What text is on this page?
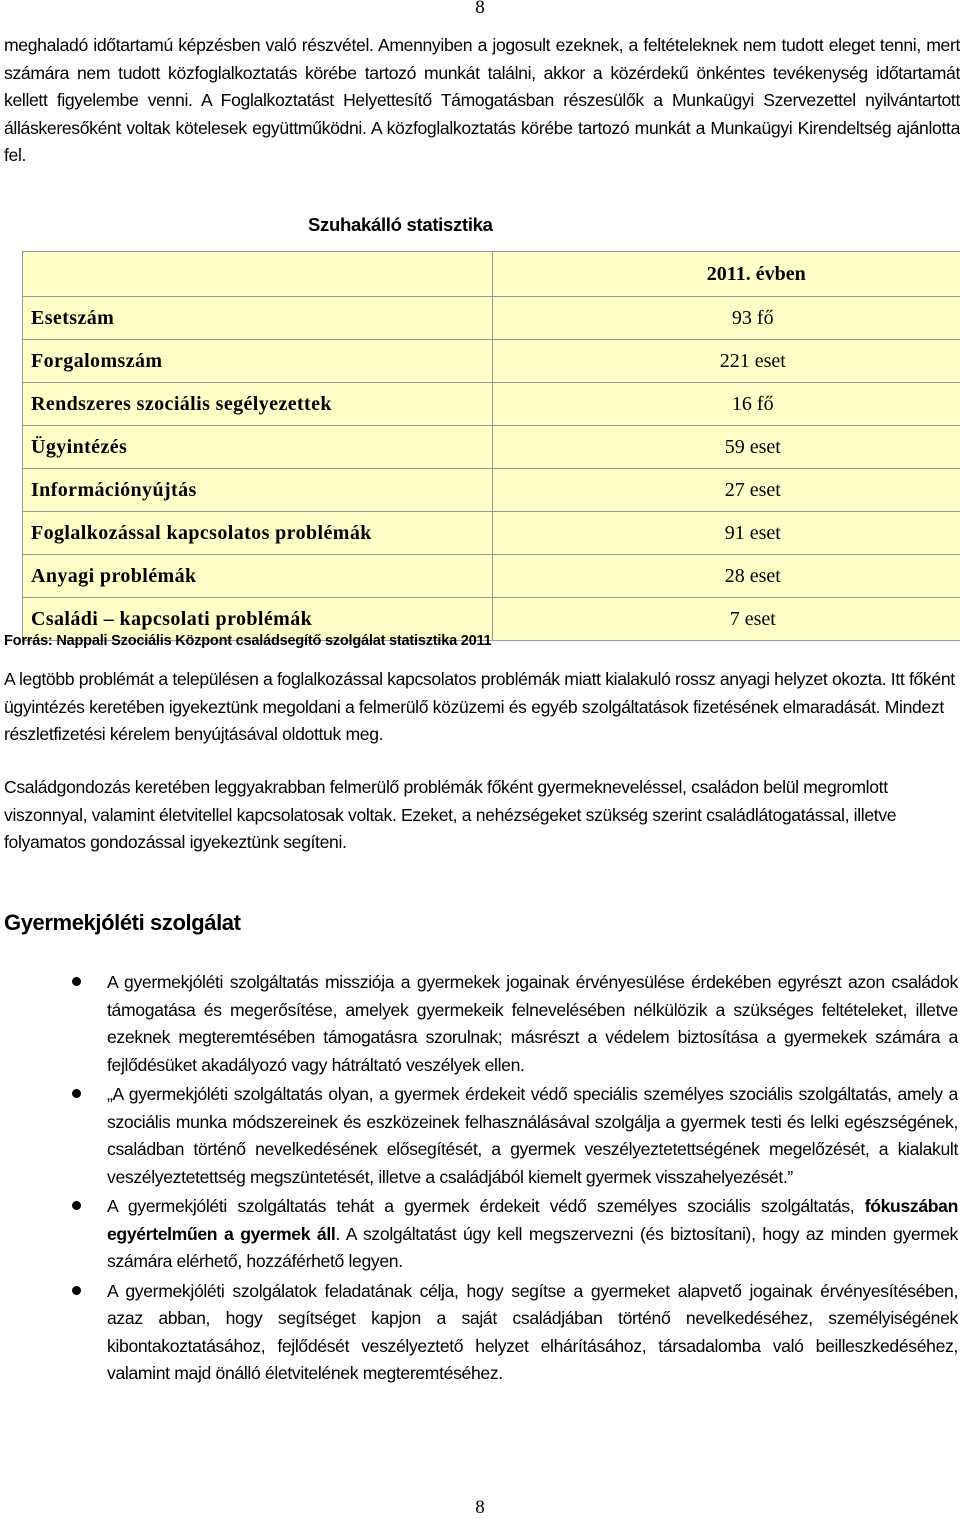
8

meghaladó időtartamú képzésben való részvétel. Amennyiben a jogosult ezeknek, a feltételeknek nem tudott eleget tenni, mert számára nem tudott közfoglalkoztatás körébe tartozó munkát találni, akkor a közérdekű önkéntes tevékenység időtartamát kellett figyelembe venni. A Foglalkoztatást Helyettesítő Támogatásban részesülők a Munkaügyi Szervezettel nyilvántartott álláskeresőként voltak kötelesek együttműködni. A közfoglalkoztatás körébe tartozó munkát a Munkaügyi Kirendeltség ajánlotta fel.

Szuhakálló statisztika
	2011. évben
Esetszám	93 fő
Forgalomszám	221 eset
Rendszeres szociális segélyezettek	16 fő
Ügyintézés	59 eset
Információnyújtás	27 eset
Foglalkozással kapcsolatos problémák	91 eset
Anyagi problémák	28 eset
Családi – kapcsolati problémák	7 eset
Forrás: Nappali Szociális Központ családsegítő szolgálat statisztika 2011

A legtöbb problémát a településen a foglalkozással kapcsolatos problémák miatt kialakuló rossz anyagi helyzet okozta. Itt főként ügyintézés keretében igyekeztünk megoldani a felmerülő közüzemi és egyéb szolgáltatások fizetésének elmaradását. Mindezt részletfizetési kérelem benyújtásával oldottuk meg.

Családgondozás keretében leggyakrabban felmerülő problémák főként gyermekneveléssel, családon belül megromlott viszonnyal, valamint életvitellel kapcsolatosak voltak. Ezeket, a nehézségeket szükség szerint családlátogatással, illetve folyamatos gondozással igyekeztünk segíteni.

Gyermekjóléti szolgálat
A gyermekjóléti szolgáltatás missziója a gyermekek jogainak érvényesülése érdekében egyrészt azon családok támogatása és megerősítése, amelyek gyermekeik felnevelésében nélkülözik a szükséges feltételeket, illetve ezeknek megteremtésében támogatásra szorulnak; másrészt a védelem biztosítása a gyermekek számára a fejlődésüket akadályozó vagy hátráltató veszélyek ellen.
„A gyermekjóléti szolgáltatás olyan, a gyermek érdekeit védő speciális személyes szociális szolgáltatás, amely a szociális munka módszereinek és eszközeinek felhasználásával szolgálja a gyermek testi és lelki egészségének, családban történő nevelkedésének elősegítését, a gyermek veszélyeztetettségének megelőzését, a kialakult veszélyeztetettség megszüntetését, illetve a családjából kiemelt gyermek visszahelyezését.”
A gyermekjóléti szolgáltatás tehát a gyermek érdekeit védő személyes szociális szolgáltatás, fókuszában egyértelműen a gyermek áll. A szolgáltatást úgy kell megszervezni (és biztosítani), hogy az minden gyermek számára elérhető, hozzáférhető legyen.
A gyermekjóléti szolgálatok feladatának célja, hogy segítse a gyermeket alapvető jogainak érvényesítésében, azaz abban, hogy segítséget kapjon a saját családjában történő nevelkedéséhez, személyiségének kibontakoztatásához, fejlődését veszélyeztető helyzet elhárításához, társadalomba való beilleszkedéséhez, valamint majd önálló életvitelének megteremtéséhez.
8
